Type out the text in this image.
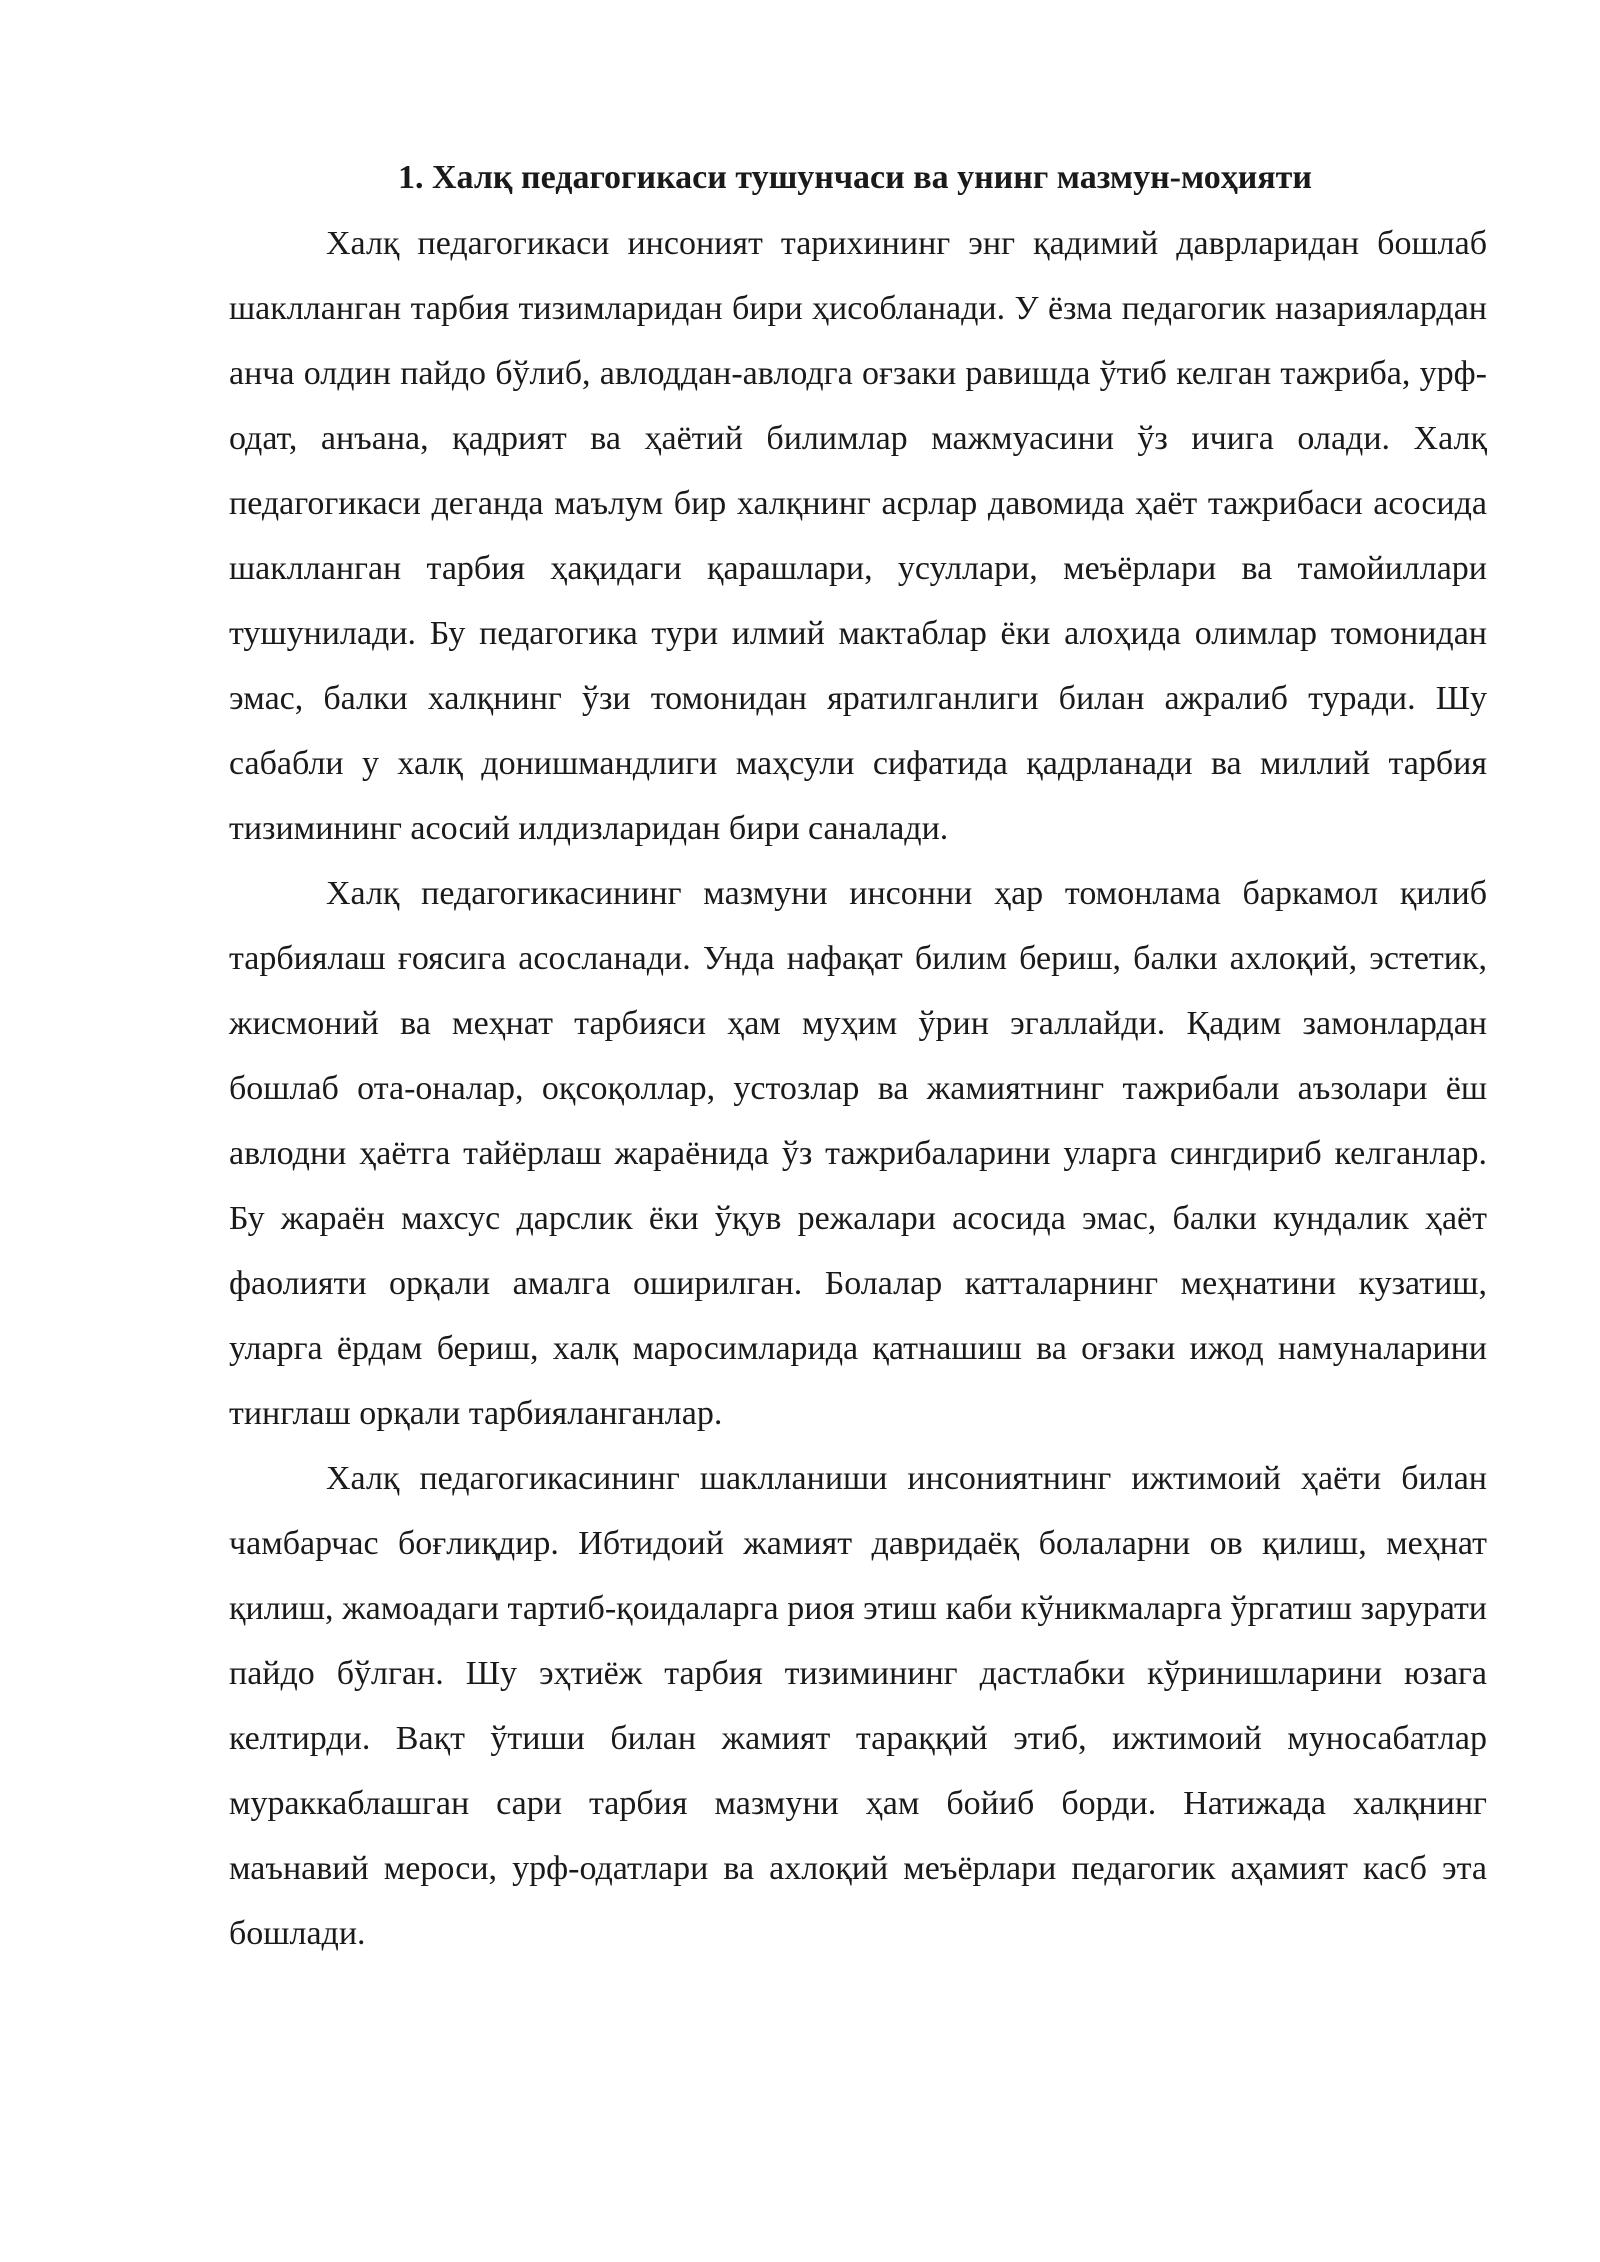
1. Халқ педагогикаси тушунчаси ва унинг мазмун-моҳияти

Халқ педагогикаси инсоният тарихининг энг қадимий даврларидан бошлаб шаклланган тарбия тизимларидан бири ҳисобланади. У ёзма педагогик назариялардан анча олдин пайдо бўлиб, авлоддан-авлодга оғзаки равишда ўтиб келган тажриба, урф-одат, анъана, қадрият ва ҳаётий билимлар мажмуасини ўз ичига олади. Халқ педагогикаси деганда маълум бир халқнинг асрлар давомида ҳаёт тажрибаси асосида шаклланган тарбия ҳақидаги қарашлари, усуллари, меъёрлари ва тамойиллари тушунилади. Бу педагогика тури илмий мактаблар ёки алоҳида олимлар томонидан эмас, балки халқнинг ўзи томонидан яратилганлиги билан ажралиб туради. Шу сабабли у халқ донишмандлиги маҳсули сифатида қадрланади ва миллий тарбия тизимининг асосий илдизларидан бири саналади.

Халқ педагогикасининг мазмуни инсонни ҳар томонлама баркамол қилиб тарбиялаш ғоясига асосланади. Унда нафақат билим бериш, балки ахлоқий, эстетик, жисмоний ва меҳнат тарбияси ҳам муҳим ўрин эгаллайди. Қадим замонлардан бошлаб ота-оналар, оқсоқоллар, устозлар ва жамиятнинг тажрибали аъзолари ёш авлодни ҳаётга тайёрлаш жараёнида ўз тажрибаларини уларга сингдириб келганлар. Бу жараён махсус дарслик ёки ўқув режалари асосида эмас, балки кундалик ҳаёт фаолияти орқали амалга оширилган. Болалар катталарнинг меҳнатини кузатиш, уларга ёрдам бериш, халқ маросимларида қатнашиш ва оғзаки ижод намуналарини тинглаш орқали тарбияланганлар.

Халқ педагогикасининг шаклланиши инсониятнинг ижтимоий ҳаёти билан чамбарчас боғлиқдир. Ибтидоий жамият давридаёқ болаларни ов қилиш, меҳнат қилиш, жамоадаги тартиб-қоидаларга риоя этиш каби кўникмаларга ўргатиш зарурати пайдо бўлган. Шу эҳтиёж тарбия тизимининг дастлабки кўринишларини юзага келтирди. Вақт ўтиши билан жамият тараққий этиб, ижтимоий муносабатлар мураккаблашган сари тарбия мазмуни ҳам бойиб борди. Натижада халқнинг маънавий мероси, урф-одатлари ва ахлоқий меъёрлари педагогик аҳамият касб эта бошлади.
